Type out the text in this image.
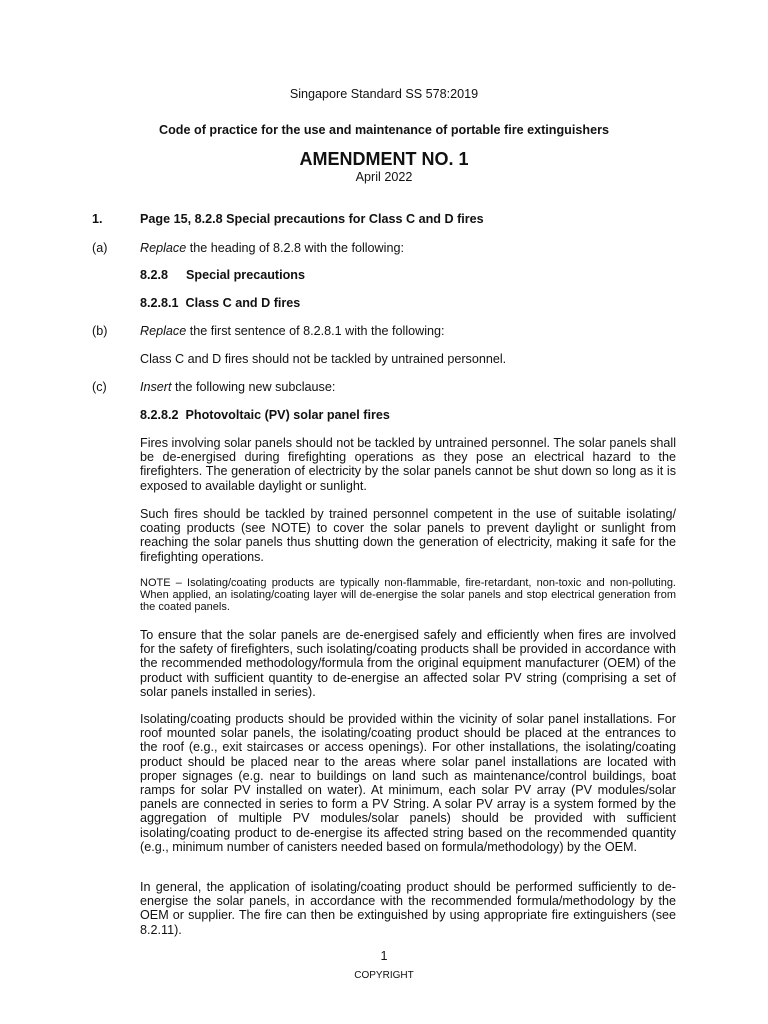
Singapore Standard SS 578:2019
Code of practice for the use and maintenance of portable fire extinguishers
AMENDMENT NO. 1
April 2022
1.	Page 15, 8.2.8 Special precautions for Class C and D fires
(a)	Replace the heading of 8.2.8 with the following:
8.2.8 Special precautions
8.2.8.1  Class C and D fires
(b)	Replace the first sentence of 8.2.8.1 with the following:
Class C and D fires should not be tackled by untrained personnel.
(c)	Insert the following new subclause:
8.2.8.2  Photovoltaic (PV) solar panel fires
Fires involving solar panels should not be tackled by untrained personnel. The solar panels shall be de-energised during firefighting operations as they pose an electrical hazard to the firefighters. The generation of electricity by the solar panels cannot be shut down so long as it is exposed to available daylight or sunlight.
Such fires should be tackled by trained personnel competent in the use of suitable isolating/ coating products (see NOTE) to cover the solar panels to prevent daylight or sunlight from reaching the solar panels thus shutting down the generation of electricity, making it safe for the firefighting operations.
NOTE – Isolating/coating products are typically non-flammable, fire-retardant, non-toxic and non-polluting. When applied, an isolating/coating layer will de-energise the solar panels and stop electrical generation from the coated panels.
To ensure that the solar panels are de-energised safely and efficiently when fires are involved for the safety of firefighters, such isolating/coating products shall be provided in accordance with the recommended methodology/formula from the original equipment manufacturer (OEM) of the product with sufficient quantity to de-energise an affected solar PV string (comprising a set of solar panels installed in series).
Isolating/coating products should be provided within the vicinity of solar panel installations. For roof mounted solar panels, the isolating/coating product should be placed at the entrances to the roof (e.g., exit staircases or access openings). For other installations, the isolating/coating product should be placed near to the areas where solar panel installations are located with proper signages (e.g. near to buildings on land such as maintenance/control buildings, boat ramps for solar PV installed on water). At minimum, each solar PV array (PV modules/solar panels are connected in series to form a PV String. A solar PV array is a system formed by the aggregation of multiple PV modules/solar panels) should be provided with sufficient isolating/coating product to de-energise its affected string based on the recommended quantity (e.g., minimum number of canisters needed based on formula/methodology) by the OEM.
In general, the application of isolating/coating product should be performed sufficiently to de-energise the solar panels, in accordance with the recommended formula/methodology by the OEM or supplier. The fire can then be extinguished by using appropriate fire extinguishers (see 8.2.11).
1
COPYRIGHT
